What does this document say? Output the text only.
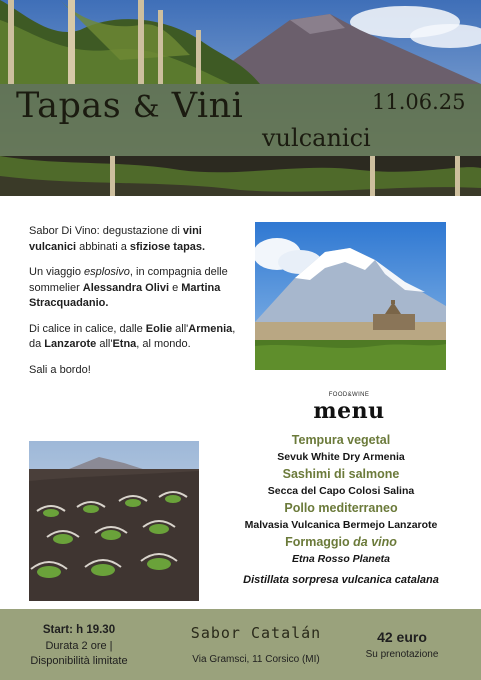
Tapas & Vini
vulcanici
11.06.25

Sabor Di Vino: degustazione di vini vulcanici abbinati a sfiziose tapas.

Un viaggio esplosivo, in compagnia delle sommelier Alessandra Olivi e Martina Stracquadanio.

Di calice in calice, dalle Eolie all'Armenia, da Lanzarote all'Etna, al mondo.

Sali a bordo!

FOOD&WINE
menu

Tempura vegetal

Sevuk White Dry Armenia

Sashimi di salmone

Secca del Capo Colosi Salina

Pollo mediterraneo

Malvasia Vulcanica Bermejo Lanzarote

Formaggio da vino

Etna Rosso Planeta

Distillata sorpresa vulcanica catalana
Start: h 19.30
Durata 2 ore |
Disponibilità limitate
Sabor Catalán
Via Gramsci, 11 Corsico (MI)
42 euro
Su prenotazione
